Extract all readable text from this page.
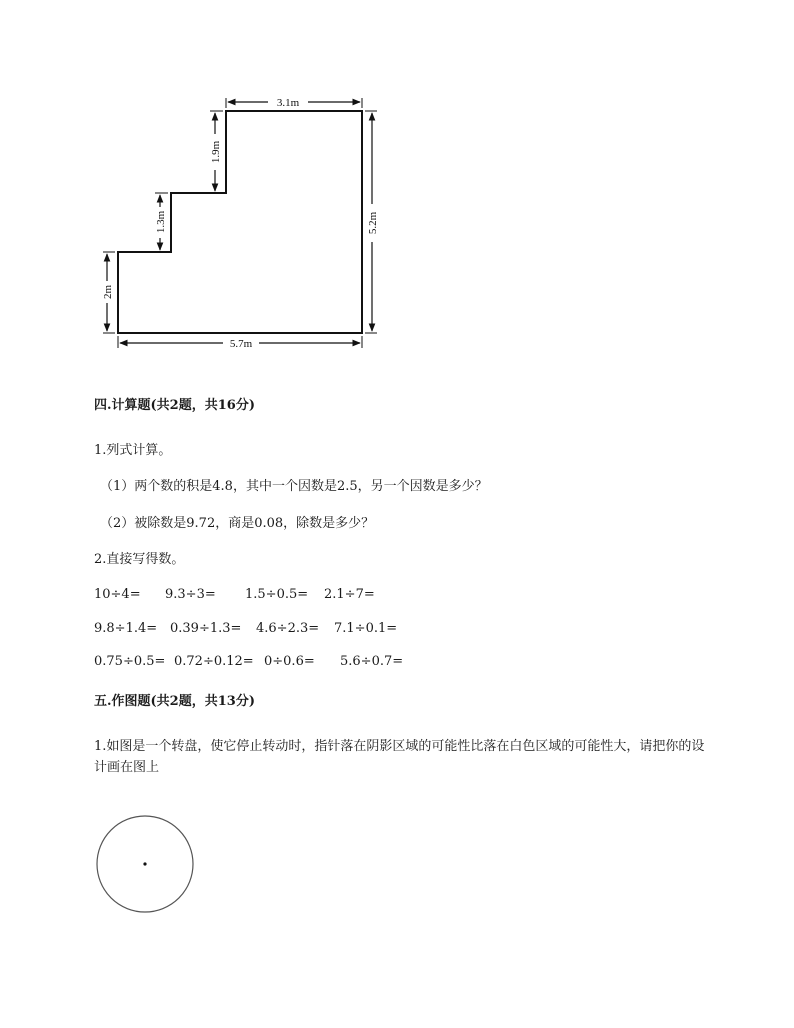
3.1m
5.2m
5.7m
2m
1.3m
1.9m
四.计算题(共2题，共16分)
1.列式计算。
（1）两个数的积是4.8，其中一个因数是2.5，另一个因数是多少？
（2）被除数是9.72，商是0.08，除数是多少？
2.直接写得数。
10÷4= 9.3÷3= 1.5÷0.5= 2.1÷7=
9.8÷1.4= 0.39÷1.3= 4.6÷2.3= 7.1÷0.1=
0.75÷0.5= 0.72÷0.12= 0÷0.6= 5.6÷0.7=
五.作图题(共2题，共13分)
1.如图是一个转盘，使它停止转动时，指针落在阴影区域的可能性比落在白色区域的可能性大，请把你的设计画在图上
